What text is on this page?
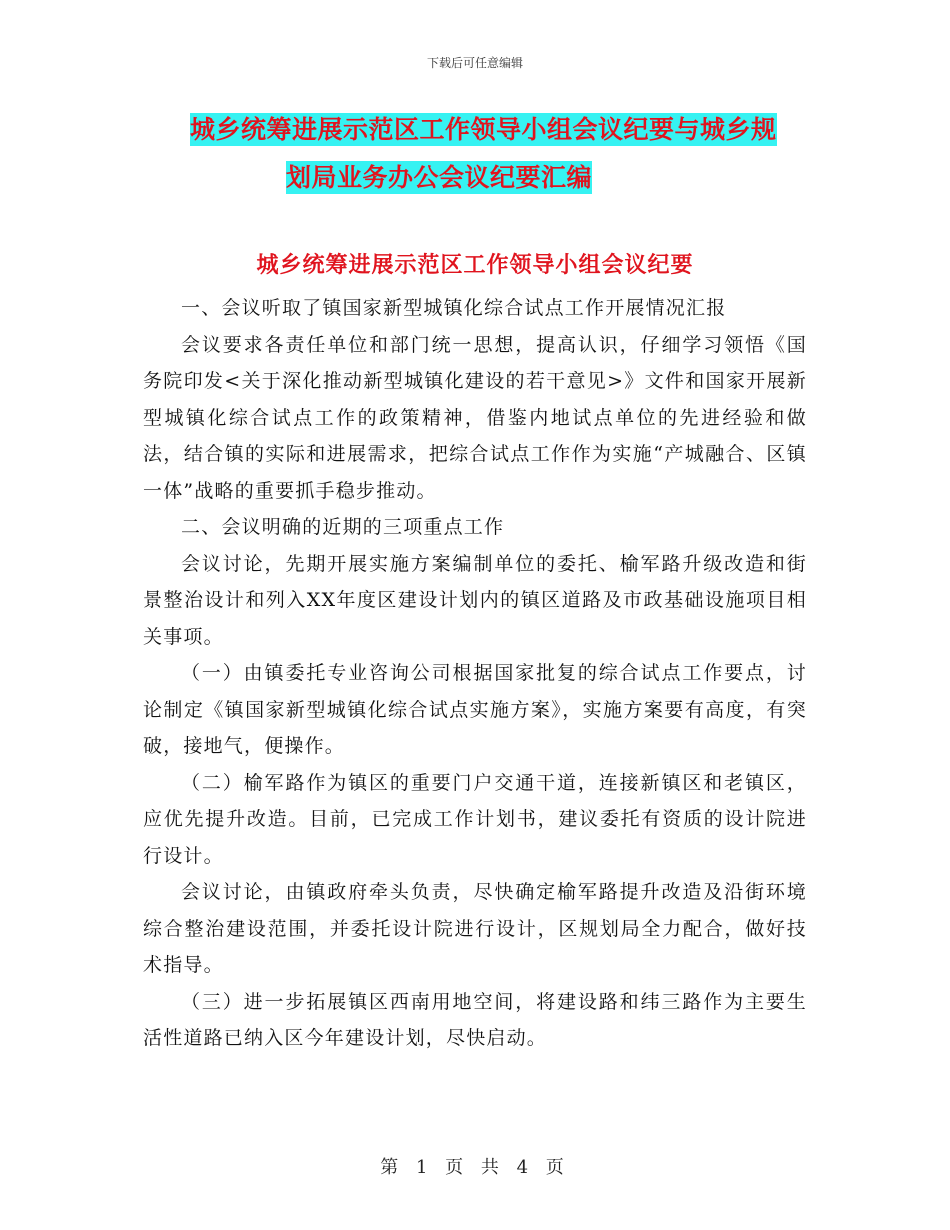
下载后可任意编辑
城乡统筹进展示范区工作领导小组会议纪要与城乡规
划局业务办公会议纪要汇编
城乡统筹进展示范区工作领导小组会议纪要

一、会议听取了镇国家新型城镇化综合试点工作开展情况汇报

会议要求各责任单位和部门统一思想，提高认识，仔细学习领悟《国务院印发<关于深化推动新型城镇化建设的若干意见>》文件和国家开展新型城镇化综合试点工作的政策精神，借鉴内地试点单位的先进经验和做法，结合镇的实际和进展需求，把综合试点工作作为实施“产城融合、区镇一体”战略的重要抓手稳步推动。

二、会议明确的近期的三项重点工作

会议讨论，先期开展实施方案编制单位的委托、榆军路升级改造和街景整治设计和列入XX年度区建设计划内的镇区道路及市政基础设施项目相关事项。

（一）由镇委托专业咨询公司根据国家批复的综合试点工作要点，讨论制定《镇国家新型城镇化综合试点实施方案》，实施方案要有高度，有突破，接地气，便操作。

（二）榆军路作为镇区的重要门户交通干道，连接新镇区和老镇区，应优先提升改造。目前，已完成工作计划书，建议委托有资质的设计院进行设计。

会议讨论，由镇政府牵头负责，尽快确定榆军路提升改造及沿街环境综合整治建设范围，并委托设计院进行设计，区规划局全力配合，做好技术指导。

（三）进一步拓展镇区西南用地空间，将建设路和纬三路作为主要生活性道路已纳入区今年建设计划，尽快启动。

第 1 页 共 4 页
